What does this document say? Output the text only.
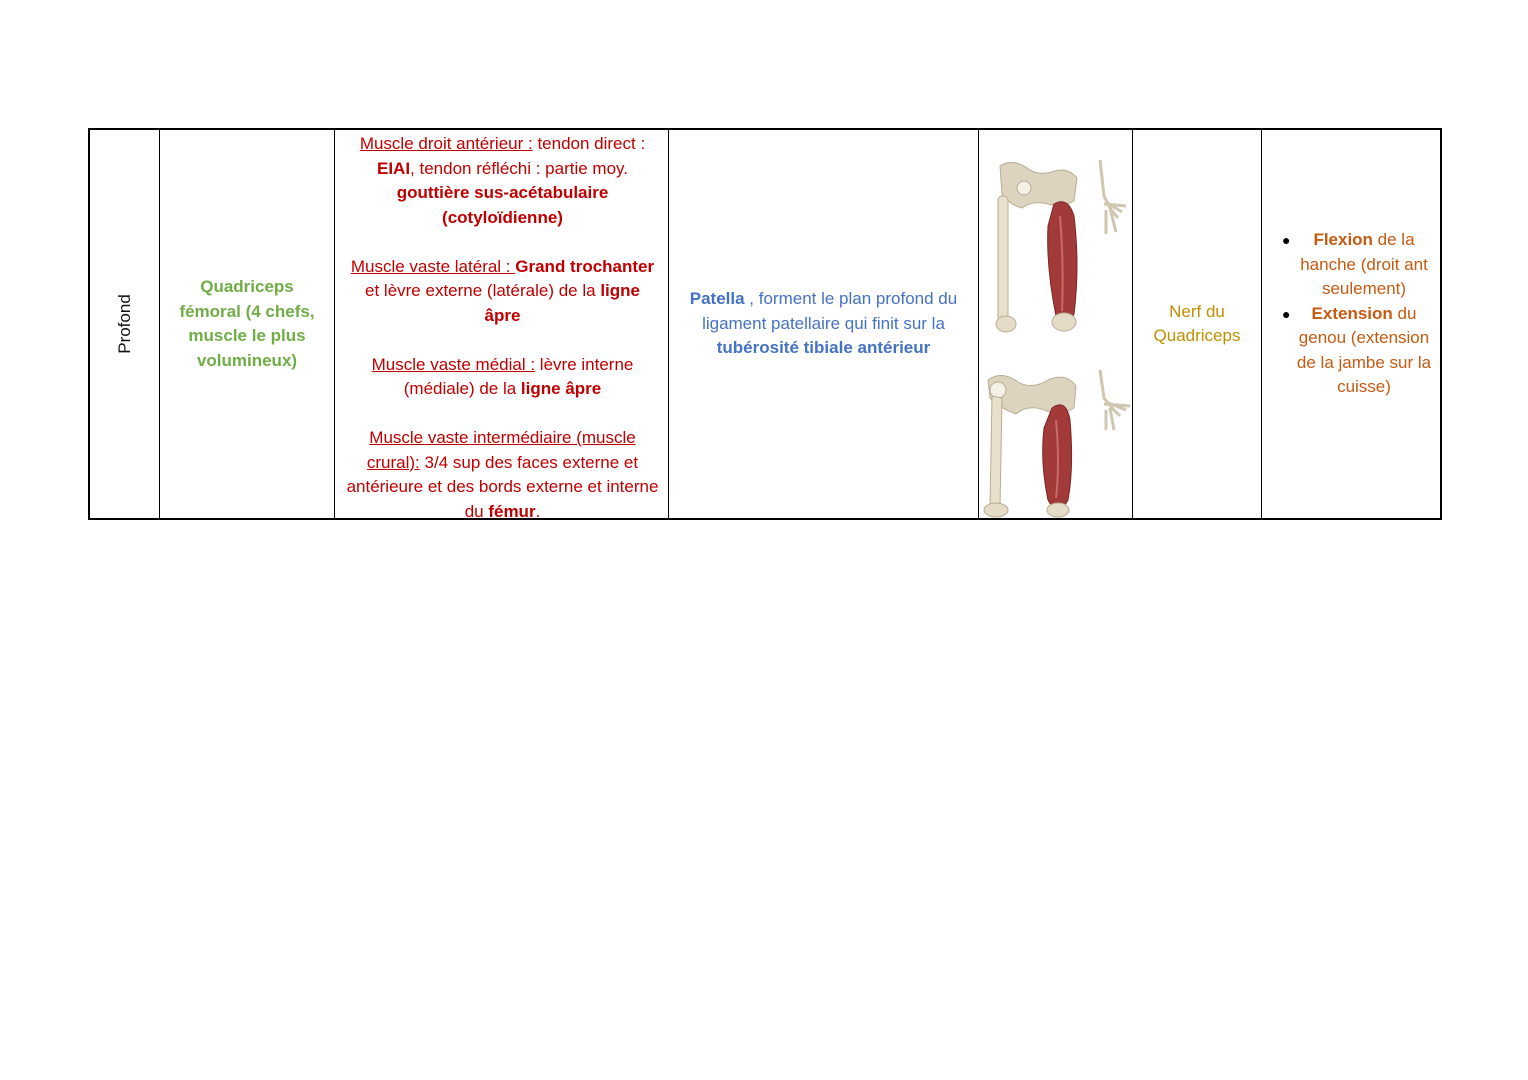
Profond
Quadriceps fémoral (4 chefs, muscle le plus volumineux)
Muscle droit antérieur : tendon direct : EIAI, tendon réfléchi : partie moy. gouttière sus-acétabulaire (cotyloïdienne)
Muscle vaste latéral : Grand trochanter et lèvre externe (latérale) de la ligne âpre
Muscle vaste médial : lèvre interne (médiale) de la ligne âpre
Muscle vaste intermédiaire (muscle crural): 3/4 sup des faces externe et antérieure et des bords externe et interne du fémur.
Patella , forment le plan profond du ligament patellaire qui finit sur la tubérosité tibiale antérieur
Nerf du Quadriceps
● Flexion de la hanche (droit ant seulement)
● Extension du genou (extension de la jambe sur la cuisse)
